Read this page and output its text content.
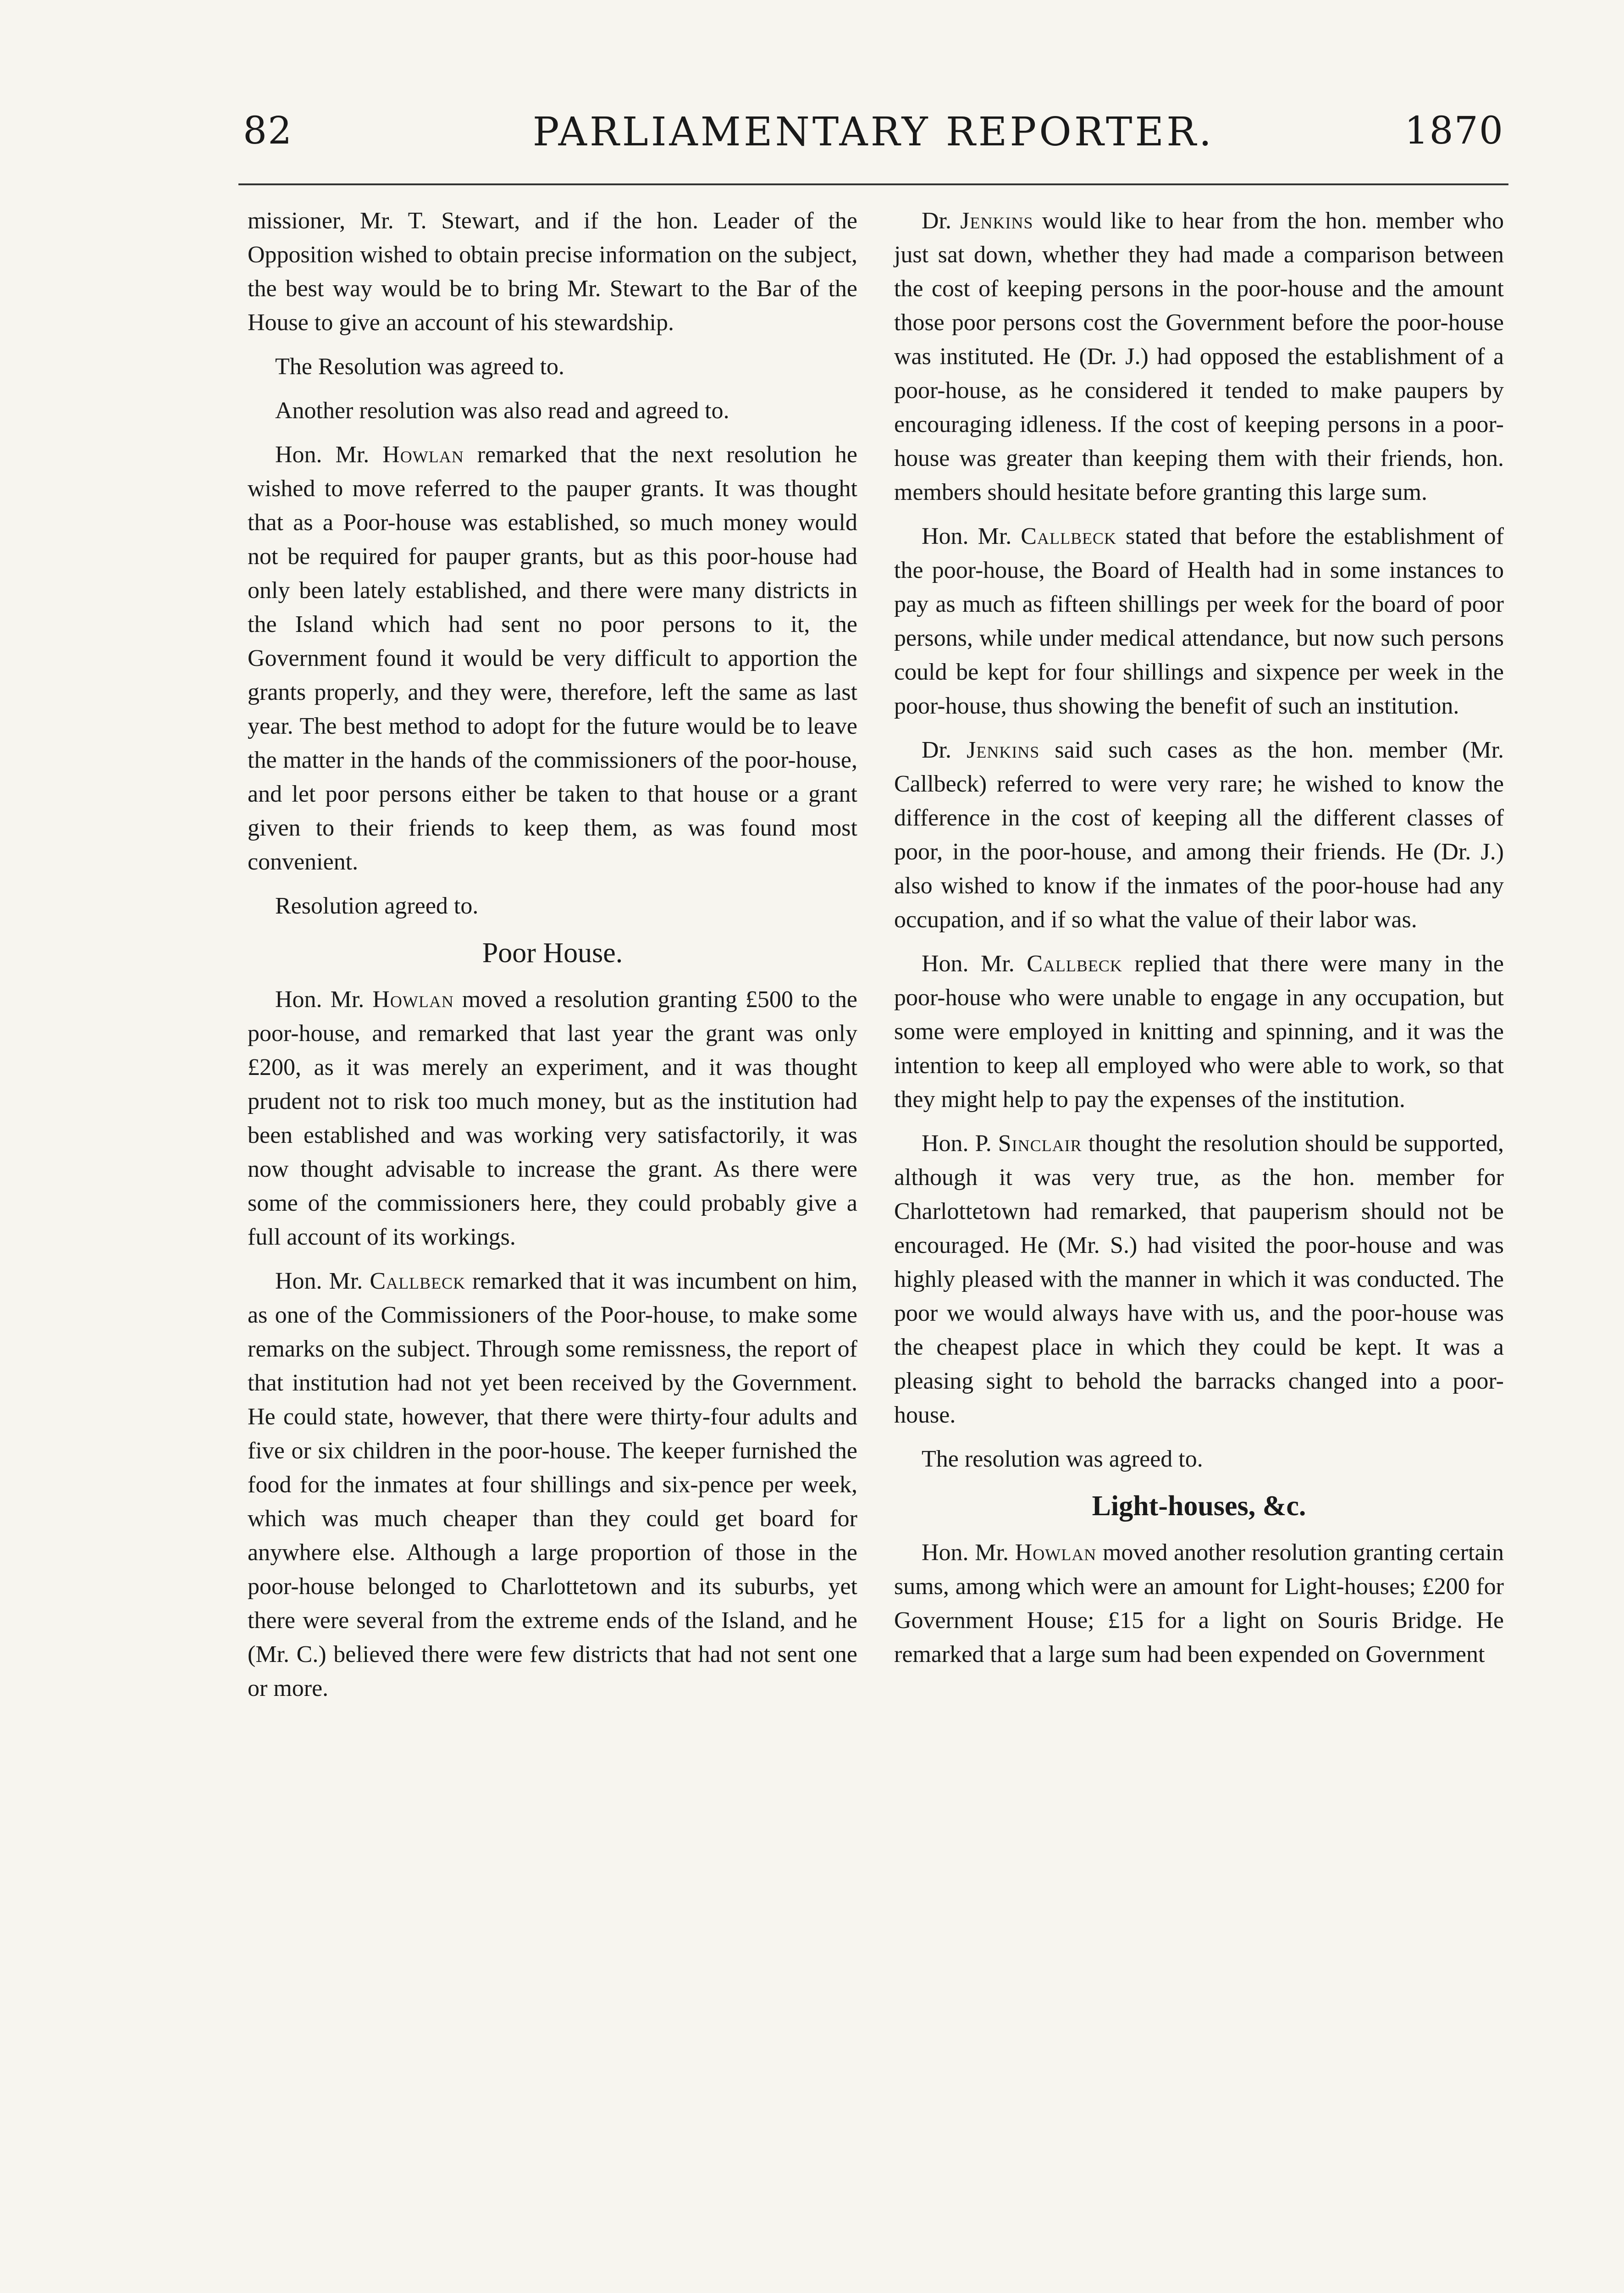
82	PARLIAMENTARY REPORTER.	1870

missioner, Mr. T. Stewart, and if the hon. Leader of the Opposition wished to obtain precise information on the subject, the best way would be to bring Mr. Stewart to the Bar of the House to give an account of his stewardship.

The Resolution was agreed to.

Another resolution was also read and agreed to.

Hon. Mr. Howlan remarked that the next resolution he wished to move referred to the pauper grants. It was thought that as a Poor-house was established, so much money would not be required for pauper grants, but as this poor-house had only been lately established, and there were many districts in the Island which had sent no poor persons to it, the Government found it would be very difficult to apportion the grants properly, and they were, therefore, left the same as last year. The best method to adopt for the future would be to leave the matter in the hands of the commissioners of the poor-house, and let poor persons either be taken to that house or a grant given to their friends to keep them, as was found most convenient.

Resolution agreed to.

Poor House.

Hon. Mr. Howlan moved a resolution granting £500 to the poor-house, and remarked that last year the grant was only £200, as it was merely an experiment, and it was thought prudent not to risk too much money, but as the institution had been established and was working very satisfactorily, it was now thought advisable to increase the grant. As there were some of the commissioners here, they could probably give a full account of its workings.

Hon. Mr. Callbeck remarked that it was incumbent on him, as one of the Commissioners of the Poor-house, to make some remarks on the subject. Through some remissness, the report of that institution had not yet been received by the Government. He could state, however, that there were thirty-four adults and five or six children in the poor-house. The keeper furnished the food for the inmates at four shillings and six-pence per week, which was much cheaper than they could get board for anywhere else. Although a large proportion of those in the poor-house belonged to Charlottetown and its suburbs, yet there were several from the extreme ends of the Island, and he (Mr. C.) believed there were few districts that had not sent one or more.

Dr. Jenkins would like to hear from the hon. member who just sat down, whether they had made a comparison between the cost of keeping persons in the poor-house and the amount those poor persons cost the Government before the poor-house was instituted. He (Dr. J.) had opposed the establishment of a poor-house, as he considered it tended to make paupers by encouraging idleness. If the cost of keeping persons in a poor-house was greater than keeping them with their friends, hon. members should hesitate before granting this large sum.

Hon. Mr. Callbeck stated that before the establishment of the poor-house, the Board of Health had in some instances to pay as much as fifteen shillings per week for the board of poor persons, while under medical attendance, but now such persons could be kept for four shillings and sixpence per week in the poor-house, thus showing the benefit of such an institution.

Dr. Jenkins said such cases as the hon. member (Mr. Callbeck) referred to were very rare; he wished to know the difference in the cost of keeping all the different classes of poor, in the poor-house, and among their friends. He (Dr. J.) also wished to know if the inmates of the poor-house had any occupation, and if so what the value of their labor was.

Hon. Mr. Callbeck replied that there were many in the poor-house who were unable to engage in any occupation, but some were employed in knitting and spinning, and it was the intention to keep all employed who were able to work, so that they might help to pay the expenses of the institution.

Hon. P. Sinclair thought the resolution should be supported, although it was very true, as the hon. member for Charlottetown had remarked, that pauperism should not be encouraged. He (Mr. S.) had visited the poor-house and was highly pleased with the manner in which it was conducted. The poor we would always have with us, and the poor-house was the cheapest place in which they could be kept. It was a pleasing sight to behold the barracks changed into a poor-house.

The resolution was agreed to.

Light-houses, &c.

Hon. Mr. Howlan moved another resolution granting certain sums, among which were an amount for Light-houses; £200 for Government House; £15 for a light on Souris Bridge. He remarked that a large sum had been expended on Government
